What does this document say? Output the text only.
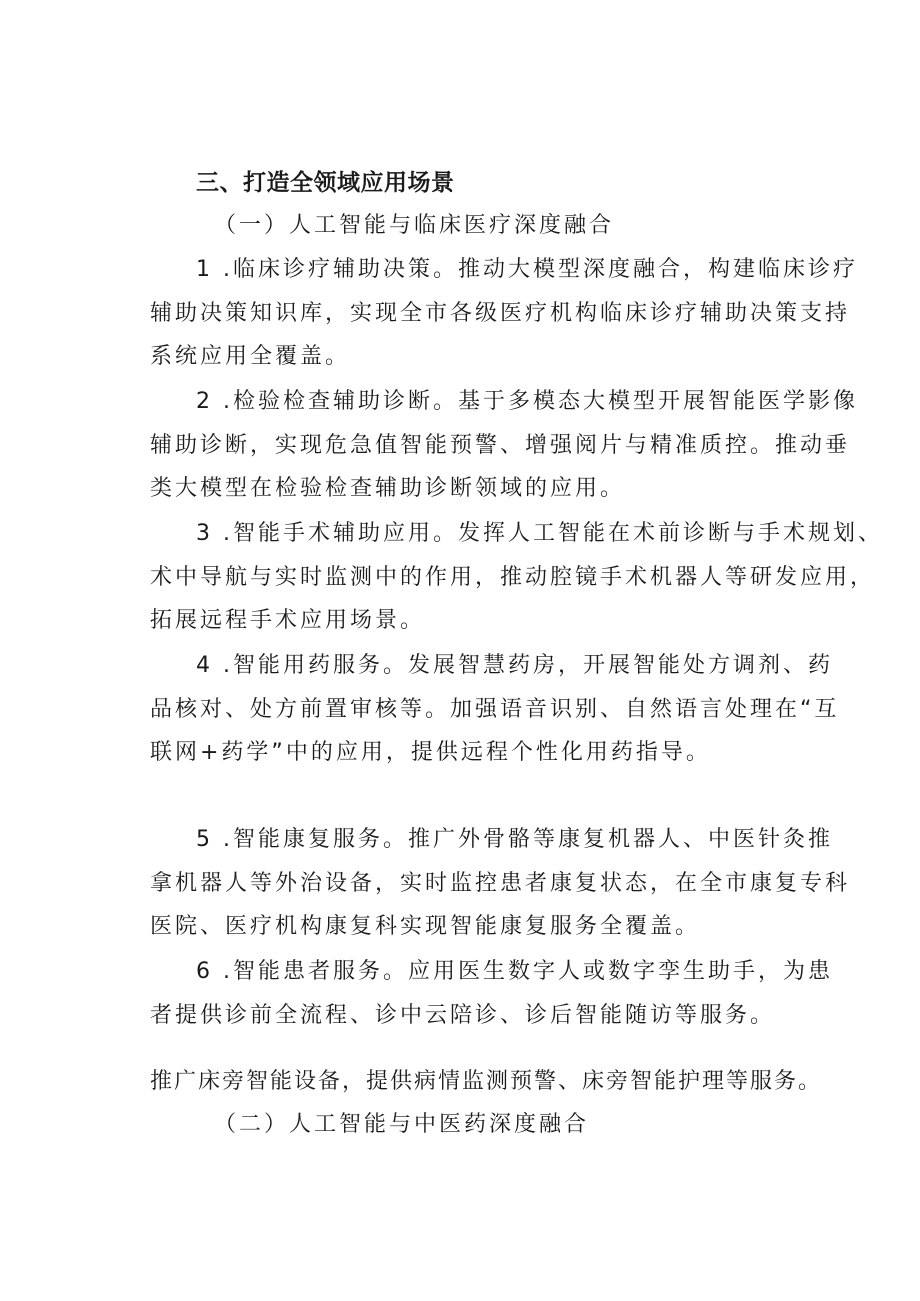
三、打造全领域应用场景
（一）人工智能与临床医疗深度融合
1 .临床诊疗辅助决策。推动大模型深度融合，构建临床诊疗
辅助决策知识库，实现全市各级医疗机构临床诊疗辅助决策支持
系统应用全覆盖。
2 .检验检查辅助诊断。基于多模态大模型开展智能医学影像
辅助诊断，实现危急值智能预警、增强阅片与精准质控。推动垂
类大模型在检验检查辅助诊断领域的应用。
3 .智能手术辅助应用。发挥人工智能在术前诊断与手术规划、
术中导航与实时监测中的作用，推动腔镜手术机器人等研发应用，
拓展远程手术应用场景。
4 .智能用药服务。发展智慧药房，开展智能处方调剂、药
品核对、处方前置审核等。加强语音识别、自然语言处理在“互
联网+药学”中的应用，提供远程个性化用药指导。
5 .智能康复服务。推广外骨骼等康复机器人、中医针灸推
拿机器人等外治设备，实时监控患者康复状态，在全市康复专科
医院、医疗机构康复科实现智能康复服务全覆盖。
6 .智能患者服务。应用医生数字人或数字孪生助手，为患
者提供诊前全流程、诊中云陪诊、诊后智能随访等服务。
推广床旁智能设备，提供病情监测预警、床旁智能护理等服务。
（二）人工智能与中医药深度融合
